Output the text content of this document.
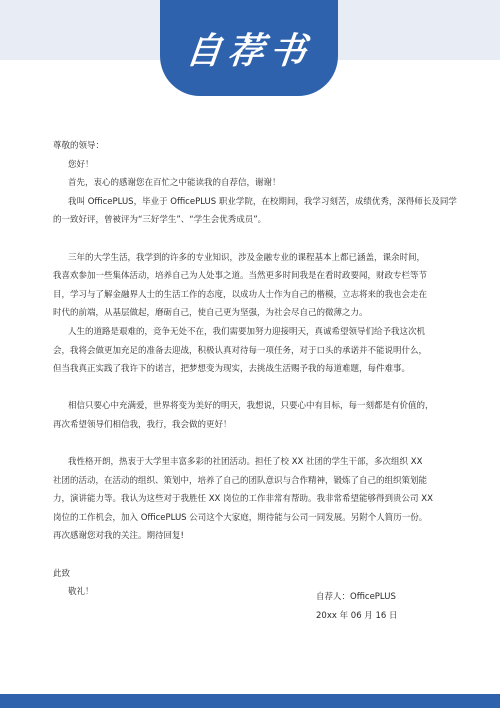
自荐书

尊敬的领导：

您好！

首先，衷心的感谢您在百忙之中能读我的自荐信，谢谢！

我叫 OfficePLUS，毕业于 OfficePLUS 职业学院，在校期间，我学习刻苦，成绩优秀，深得师长及同学的一致好评，曾被评为“三好学生”、“学生会优秀成员”。

三年的大学生活，我学到的许多的专业知识，涉及金融专业的课程基本上都已涵盖，课余时间，

我喜欢参加一些集体活动，培养自己为人处事之道。当然更多时间我是在看时政要闻，财政专栏等节

目，学习与了解金融界人士的生活工作的态度，以成功人士作为自己的楷模，立志将来的我也会走在

时代的前端，从基层做起，磨砺自己，使自己更为坚强，为社会尽自己的微薄之力。

人生的道路是艰难的，竞争无处不在，我们需要加努力迎接明天，真诚希望领导们给予我这次机

会，我将会做更加充足的准备去迎战，积极认真对待每一项任务，对于口头的承诺并不能说明什么，

但当我真正实践了我许下的诺言，把梦想变为现实，去挑战生活赐予我的每道难题，每件难事。

相信只要心中充满爱，世界将变为美好的明天，我想说，只要心中有目标，每一刻都是有价值的，

再次希望领导们相信我，我行，我会做的更好！

我性格开朗，热衷于大学里丰富多彩的社团活动。担任了校 XX 社团的学生干部，多次组织 XX

社团的活动，在活动的组织、策划中，培养了自己的团队意识与合作精神，锻炼了自己的组织策划能

力，演讲能力等。我认为这些对于我胜任 XX 岗位的工作非常有帮助。我非常希望能够得到贵公司 XX

岗位的工作机会，加入 OfficePLUS 公司这个大家庭，期待能与公司一同发展。另附个人简历一份。

再次感谢您对我的关注。期待回复!

此致

敬礼！	自荐人：OfficePLUS

20xx 年 06 月 16 日
